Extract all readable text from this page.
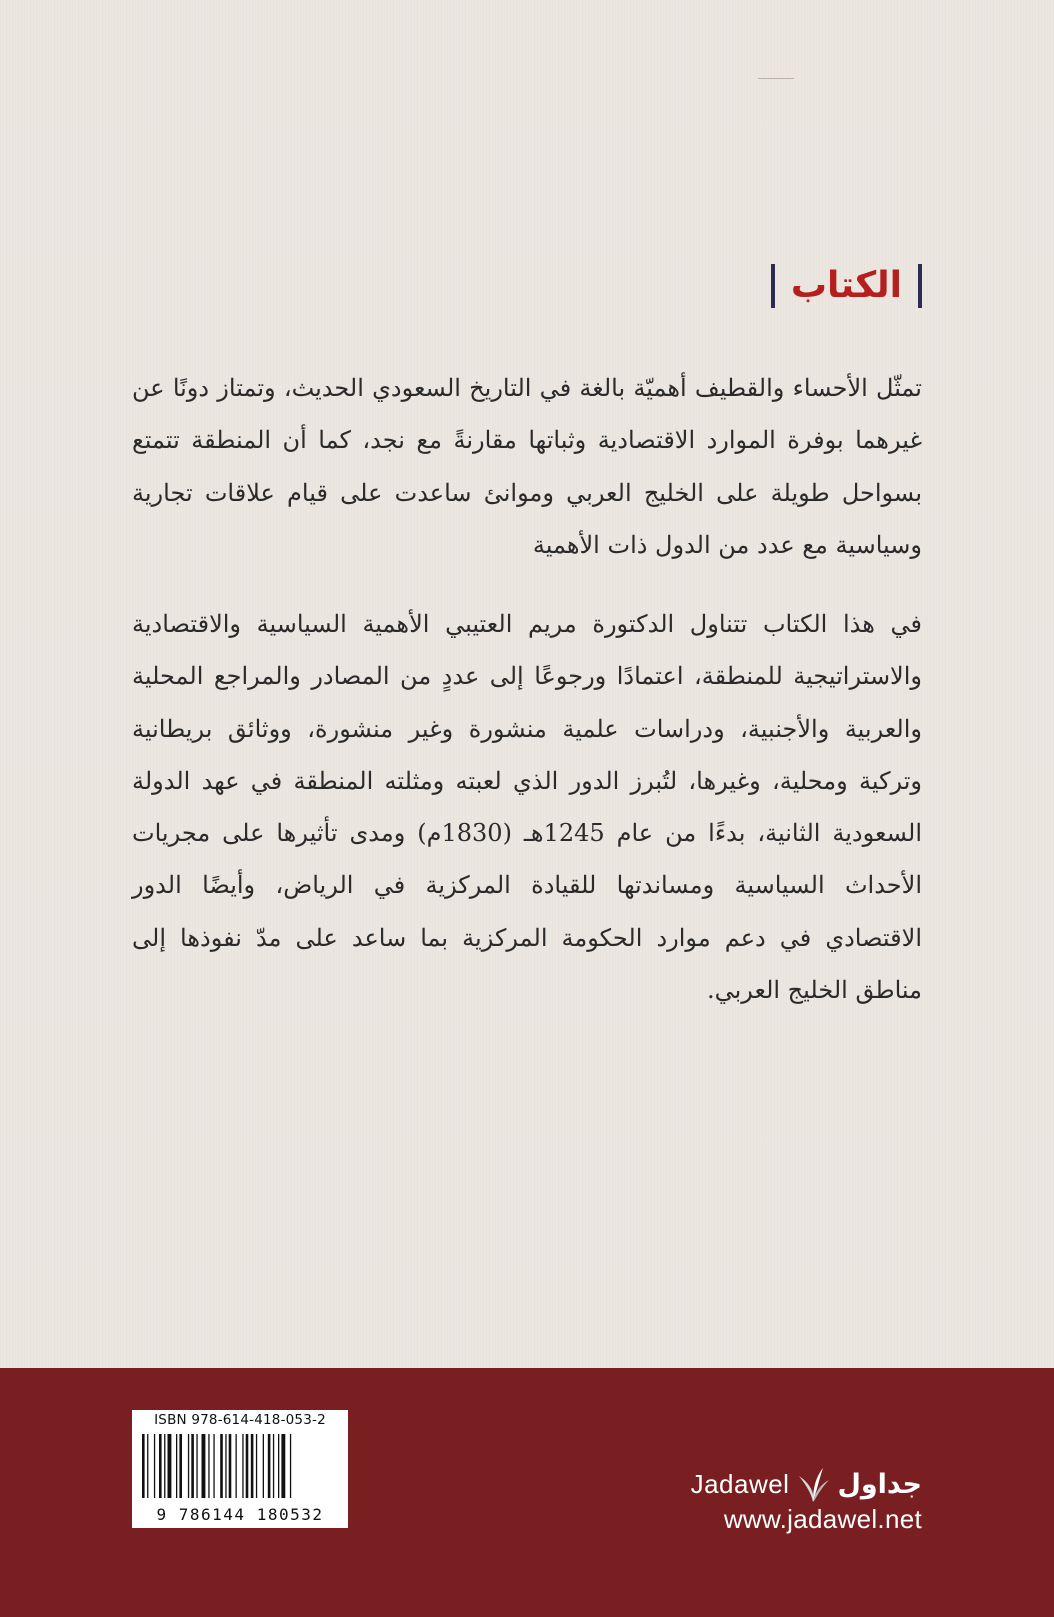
الكتاب

تمثّل الأحساء والقطيف أهميّة بالغة في التاريخ السعودي الحديث، وتمتاز دونًا عن غيرهما بوفرة الموارد الاقتصادية وثباتها مقارنةً مع نجد، كما أن المنطقة تتمتع بسواحل طويلة على الخليج العربي وموانئ ساعدت على قيام علاقات تجارية وسياسية مع عدد من الدول ذات الأهمية

في هذا الكتاب تتناول الدكتورة مريم العتيبي الأهمية السياسية والاقتصادية والاستراتيجية للمنطقة، اعتمادًا ورجوعًا إلى عددٍ من المصادر والمراجع المحلية والعربية والأجنبية، ودراسات علمية منشورة وغير منشورة، ووثائق بريطانية وتركية ومحلية، وغيرها، لتُبرز الدور الذي لعبته ومثلته المنطقة في عهد الدولة السعودية الثانية، بدءًا من عام 1245هـ (1830م) ومدى تأثيرها على مجريات الأحداث السياسية ومساندتها للقيادة المركزية في الرياض، وأيضًا الدور الاقتصادي في دعم موارد الحكومة المركزية بما ساعد على مدّ نفوذها إلى مناطق الخليج العربي.

ISBN 978-614-418-053-2
9 786144 180532
Jadawel جداول
www.jadawel.net
